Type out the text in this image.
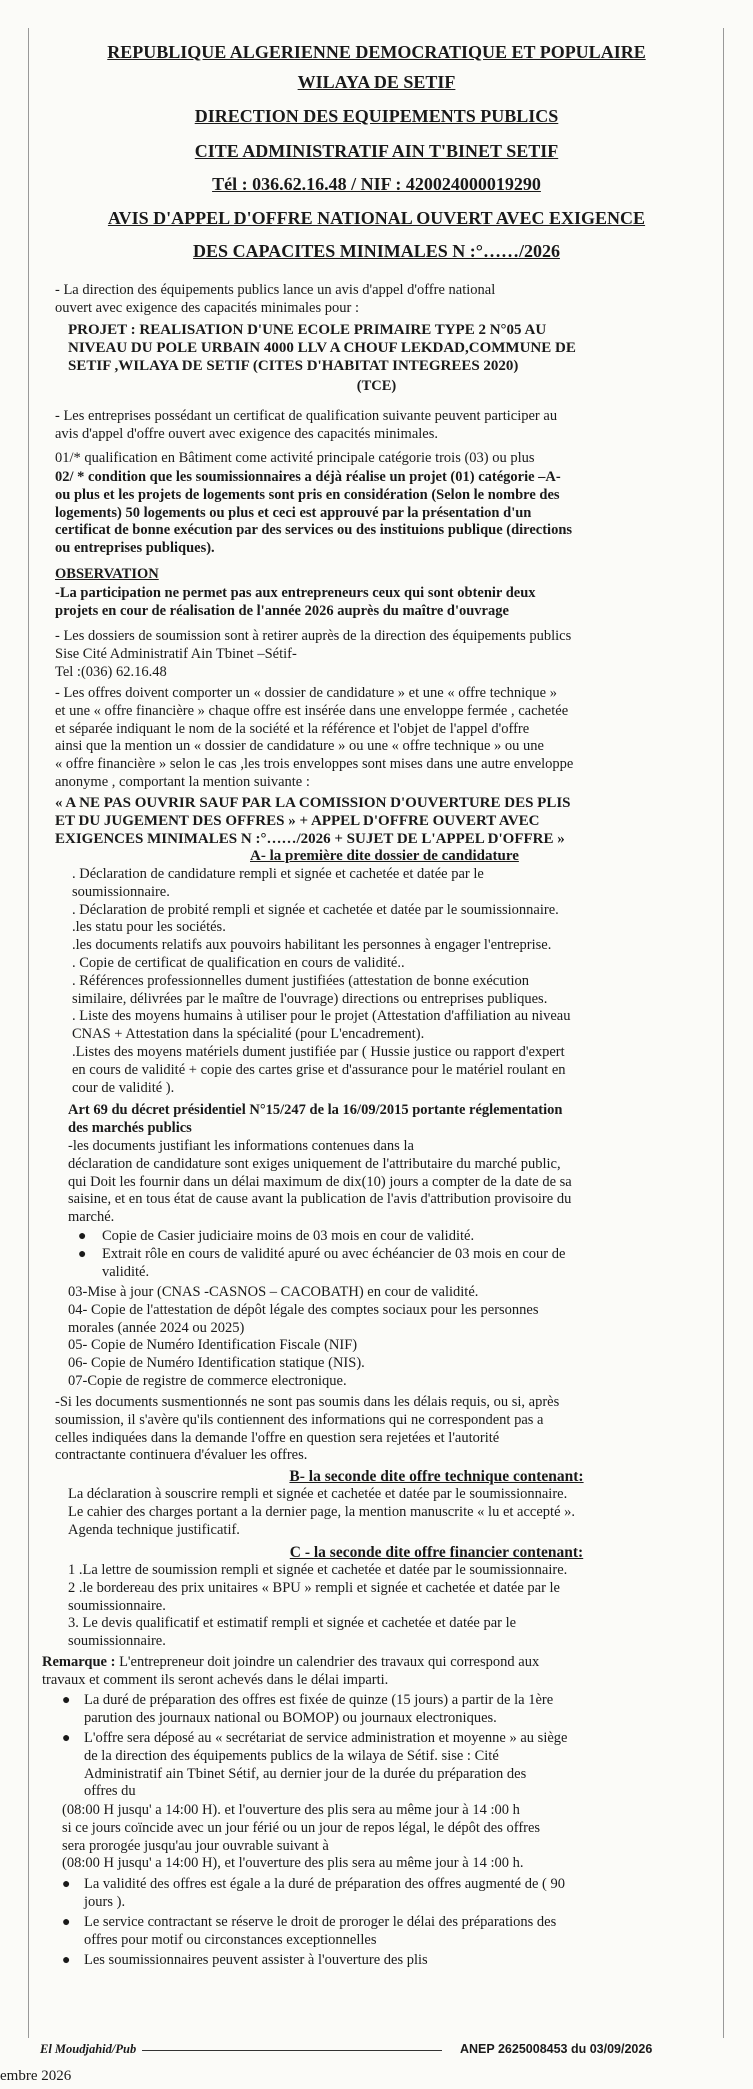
REPUBLIQUE ALGERIENNE DEMOCRATIQUE ET POPULAIRE
WILAYA DE SETIF
DIRECTION DES EQUIPEMENTS PUBLICS
CITE ADMINISTRATIF AIN T'BINET SETIF
Tél : 036.62.16.48 / NIF : 420024000019290
AVIS D'APPEL D'OFFRE NATIONAL OUVERT AVEC EXIGENCE
DES CAPACITES MINIMALES N :°……/2026
- La direction des équipements publics lance un avis d'appel d'offre national
ouvert avec exigence des capacités minimales pour :
PROJET : REALISATION D'UNE ECOLE PRIMAIRE TYPE 2 N°05 AU
NIVEAU DU POLE URBAIN 4000 LLV A CHOUF LEKDAD,COMMUNE DE
SETIF ,WILAYA DE SETIF (CITES D'HABITAT INTEGREES 2020)
(TCE)
- Les entreprises possédant un certificat de qualification suivante peuvent participer au
avis d'appel d'offre ouvert avec exigence des capacités minimales.
01/* qualification en Bâtiment come activité principale catégorie trois (03) ou plus
02/ * condition que les soumissionnaires a déjà réalise un projet (01) catégorie –A-
ou plus et les projets de logements sont pris en considération (Selon le nombre des
logements) 50 logements ou plus et ceci est approuvé par la présentation d'un
certificat de bonne exécution par des services ou des instituions publique (directions
ou entreprises publiques).
OBSERVATION
-La participation ne permet pas aux entrepreneurs ceux qui sont obtenir deux
projets en cour de réalisation de l'année 2026 auprès du maître d'ouvrage
- Les dossiers de soumission sont à retirer auprès de la direction des équipements publics
Sise Cité Administratif Ain Tbinet –Sétif-
Tel :(036) 62.16.48
- Les offres doivent comporter un « dossier de candidature » et une « offre technique »
et une « offre financière » chaque offre est insérée dans une enveloppe fermée , cachetée
et séparée indiquant le nom de la société et la référence et l'objet de l'appel d'offre
ainsi que la mention un « dossier de candidature » ou une « offre technique » ou une
« offre financière » selon le cas ,les trois enveloppes sont mises dans une autre enveloppe
anonyme , comportant la mention suivante :
« A NE PAS OUVRIR SAUF PAR LA COMISSION D'OUVERTURE DES PLIS
ET DU JUGEMENT DES OFFRES » + APPEL D'OFFRE OUVERT AVEC
EXIGENCES MINIMALES N :°……/2026 + SUJET DE L'APPEL D'OFFRE »
A- la première dite dossier de candidature
. Déclaration de candidature rempli et signée et cachetée et datée par le
soumissionnaire.
. Déclaration de probité rempli et signée et cachetée et datée par le soumissionnaire.
.les statu pour les sociétés.
.les documents relatifs aux pouvoirs habilitant les personnes à engager l'entreprise.
. Copie de certificat de qualification en cours de validité..
. Références professionnelles dument justifiées (attestation de bonne exécution
similaire, délivrées par le maître de l'ouvrage) directions ou entreprises publiques.
. Liste des moyens humains à utiliser pour le projet (Attestation d'affiliation au niveau
CNAS + Attestation dans la spécialité (pour L'encadrement).
.Listes des moyens matériels dument justifiée par ( Hussie justice ou rapport d'expert
en cours de validité + copie des cartes grise et d'assurance pour le matériel roulant en
cour de validité ).
Art 69 du décret présidentiel N°15/247 de la 16/09/2015 portante réglementation
des marchés publics
-les documents justifiant les informations contenues dans la
déclaration de candidature sont exiges uniquement de l'attributaire du marché public,
qui Doit les fournir dans un délai maximum de dix(10) jours a compter de la date de sa
saisine, et en tous état de cause avant la publication de l'avis d'attribution provisoire du
marché.
● Copie de Casier judiciaire moins de 03 mois en cour de validité.
● Extrait rôle en cours de validité apuré ou avec échéancier de 03 mois en cour de
validité.
03-Mise à jour (CNAS -CASNOS – CACOBATH) en cour de validité.
04- Copie de l'attestation de dépôt légale des comptes sociaux pour les personnes
morales (année 2024 ou 2025)
05- Copie de Numéro Identification Fiscale (NIF)
06- Copie de Numéro Identification statique (NIS).
07-Copie de registre de commerce electronique.
-Si les documents susmentionnés ne sont pas soumis dans les délais requis, ou si, après
soumission, il s'avère qu'ils contiennent des informations qui ne correspondent pas a
celles indiquées dans la demande l'offre en question sera rejetées et l'autorité
contractante continuera d'évaluer les offres.
B- la seconde dite offre technique contenant:
La déclaration à souscrire rempli et signée et cachetée et datée par le soumissionnaire.
Le cahier des charges portant a la dernier page, la mention manuscrite « lu et accepté ».
Agenda technique justificatif.
C - la seconde dite offre financier contenant:
1 .La lettre de soumission rempli et signée et cachetée et datée par le soumissionnaire.
2 .le bordereau des prix unitaires « BPU » rempli et signée et cachetée et datée par le
soumissionnaire.
3. Le devis qualificatif et estimatif rempli et signée et cachetée et datée par le
soumissionnaire.
Remarque : L'entrepreneur doit joindre un calendrier des travaux qui correspond aux
travaux et comment ils seront achevés dans le délai imparti.
● La duré de préparation des offres est fixée de quinze (15 jours) a partir de la 1ère
parution des journaux national ou BOMOP) ou journaux electroniques.
● L'offre sera déposé au « secrétariat de service administration et moyenne » au siège
de la direction des équipements publics de la wilaya de Sétif. sise : Cité
Administratif ain Tbinet Sétif, au dernier jour de la durée du préparation des
offres du
(08:00 H jusqu' a 14:00 H). et l'ouverture des plis sera au même jour à 14 :00 h
si ce jours coïncide avec un jour férié ou un jour de repos légal, le dépôt des offres
sera prorogée jusqu'au jour ouvrable suivant à
(08:00 H jusqu' a 14:00 H), et l'ouverture des plis sera au même jour à 14 :00 h.
● La validité des offres est égale a la duré de préparation des offres augmenté de ( 90
jours ).
● Le service contractant se réserve le droit de proroger le délai des préparations des
offres pour motif ou circonstances exceptionnelles
● Les soumissionnaires peuvent assister à l'ouverture des plis
El Moudjahid/Pub	ANEP 2625008453 du 03/09/2026
embre 2026
